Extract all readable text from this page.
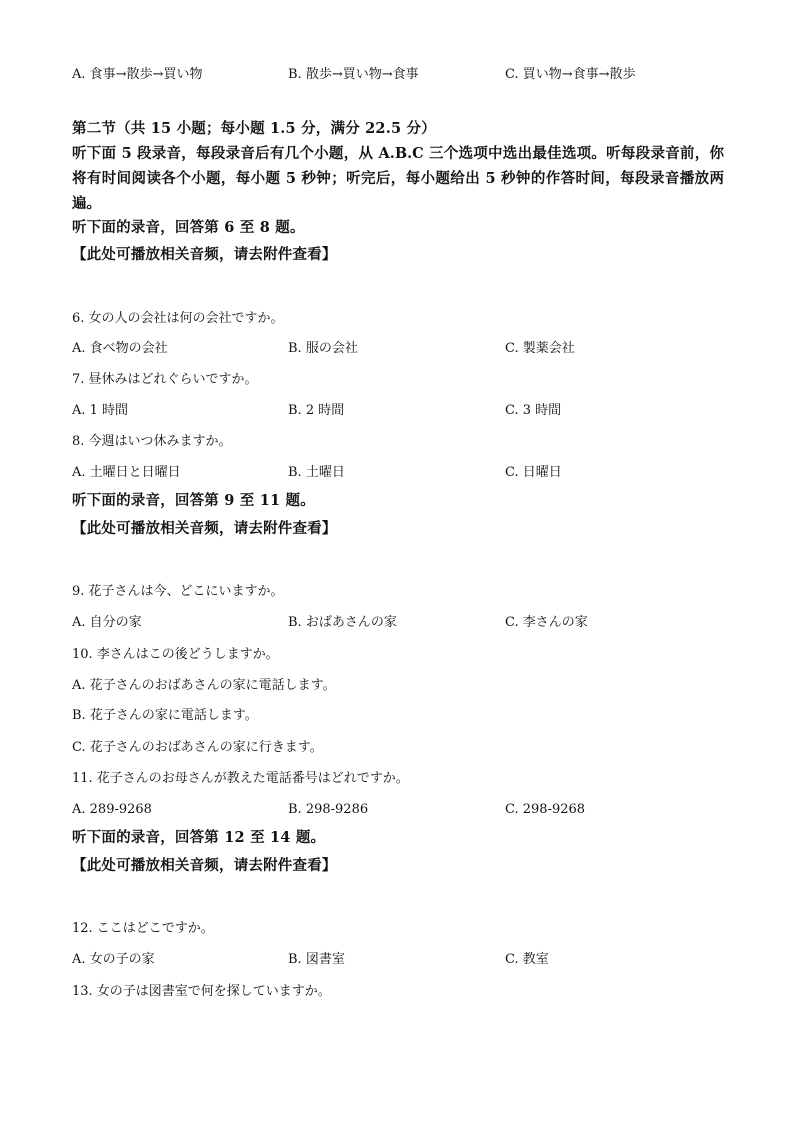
A. 食事→散歩→買い物	B. 散歩→買い物→食事	C. 買い物→食事→散歩
第二节（共 15 小题；每小题 1.5 分，满分 22.5 分）
听下面 5 段录音，每段录音后有几个小题，从 A.B.C 三个选项中选出最佳选项。听每段录音前，你将有时间阅读各个小题，每小题 5 秒钟；听完后，每小题给出 5 秒钟的作答时间，每段录音播放两遍。
听下面的录音，回答第 6 至 8 题。
【此处可播放相关音频，请去附件查看】
6. 女の人の会社は何の会社ですか。
A. 食べ物の会社	B. 服の会社	C. 製薬会社
7. 昼休みはどれぐらいですか。
A. 1 時間	B. 2 時間	C. 3 時間
8. 今週はいつ休みますか。
A. 土曜日と日曜日	B. 土曜日	C. 日曜日
听下面的录音，回答第 9 至 11 题。
【此处可播放相关音频，请去附件查看】
9. 花子さんは今、どこにいますか。
A. 自分の家	B. おばあさんの家	C. 李さんの家
10. 李さんはこの後どうしますか。
A. 花子さんのおばあさんの家に電話します。
B. 花子さんの家に電話します。
C. 花子さんのおばあさんの家に行きます。
11. 花子さんのお母さんが教えた電話番号はどれですか。
A. 289-9268	B. 298-9286	C. 298-9268
听下面的录音，回答第 12 至 14 题。
【此处可播放相关音频，请去附件查看】
12. ここはどこですか。
A. 女の子の家	B. 図書室	C. 教室
13. 女の子は図書室で何を探していますか。
